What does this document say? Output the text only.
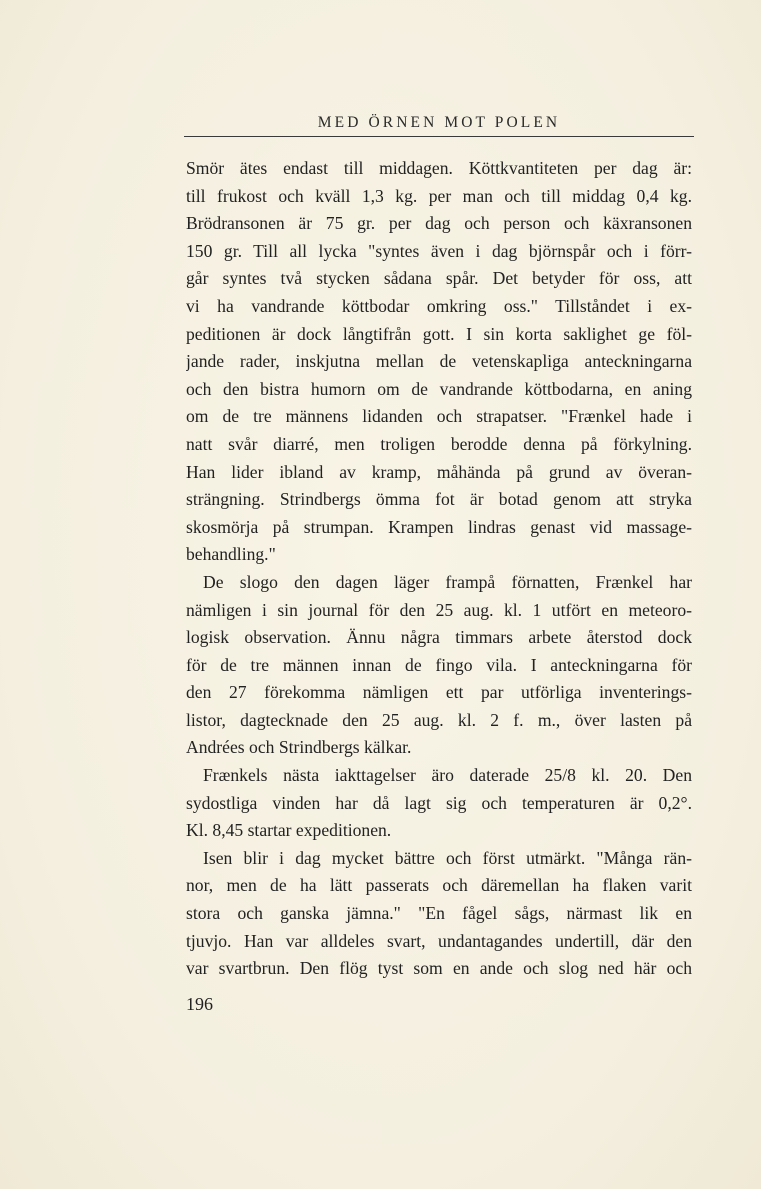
MED ÖRNEN MOT POLEN
Smör ätes endast till middagen. Köttkvantiteten per dag är:
till frukost och kväll 1,3 kg. per man och till middag 0,4 kg.
Brödransonen är 75 gr. per dag och person och käxransonen
150 gr. Till all lycka "syntes även i dag björnspår och i förr-
går syntes två stycken sådana spår. Det betyder för oss, att
vi ha vandrande köttbodar omkring oss." Tillståndet i ex-
peditionen är dock långtifrån gott. I sin korta saklighet ge föl-
jande rader, inskjutna mellan de vetenskapliga anteckningarna
och den bistra humorn om de vandrande köttbodarna, en aning
om de tre männens lidanden och strapatser. "Frænkel hade i
natt svår diarré, men troligen berodde denna på förkylning.
Han lider ibland av kramp, måhända på grund av överan-
strängning. Strindbergs ömma fot är botad genom att stryka
skosmörja på strumpan. Krampen lindras genast vid massage-
behandling."
De slogo den dagen läger frampå förnatten, Frænkel har
nämligen i sin journal för den 25 aug. kl. 1 utfört en meteoro-
logisk observation. Ännu några timmars arbete återstod dock
för de tre männen innan de fingo vila. I anteckningarna för
den 27 förekomma nämligen ett par utförliga inventerings-
listor, dagtecknade den 25 aug. kl. 2 f. m., över lasten på
Andrées och Strindbergs kälkar.
Frænkels nästa iakttagelser äro daterade 25/8 kl. 20. Den
sydostliga vinden har då lagt sig och temperaturen är 0,2°.
Kl. 8,45 startar expeditionen.
Isen blir i dag mycket bättre och först utmärkt. "Många rän-
nor, men de ha lätt passerats och däremellan ha flaken varit
stora och ganska jämna." "En fågel sågs, närmast lik en
tjuvjo. Han var alldeles svart, undantagandes undertill, där den
var svartbrun. Den flög tyst som en ande och slog ned här och
196
